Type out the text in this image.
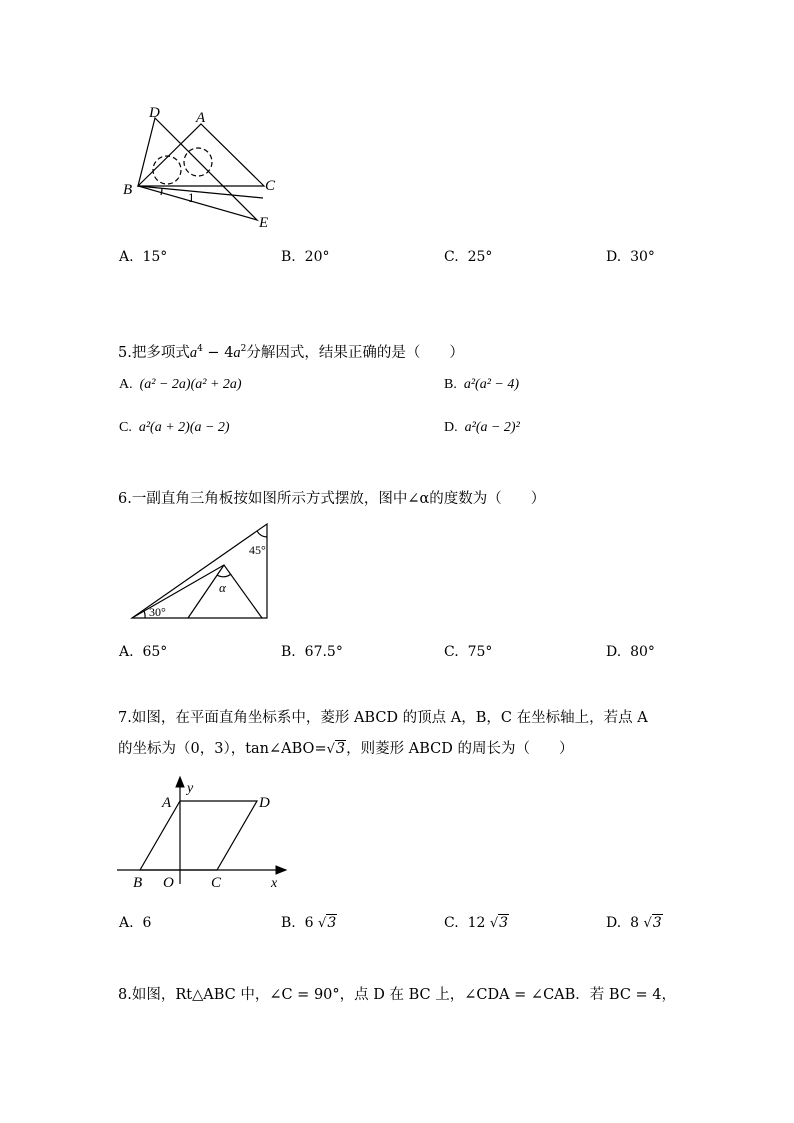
D A
B	C
E
1
A. 15°	B. 20°	C. 25°	D. 30°
5.把多项式$a^4 - 4a^2$分解因式，结果正确的是（　　）
A. (a² − 2a)(a² + 2a)	B. a²(a² − 4)
C. a²(a + 2)(a − 2)	D. a²(a − 2)²
6.一副直角三角板按如图所示方式摆放，图中∠α的度数为（　　）
45°
30°
α
A. 65°	B. 67.5°	C. 75°	D. 80°
7.如图，在平面直角坐标系中，菱形 ABCD 的顶点 A，B，C 在坐标轴上，若点 A
的坐标为（0，3），tan∠ABO=√3，则菱形 ABCD 的周长为（　　）
y
A	D
B O C	x
A. 6	B. 6 √3	C. 12 √3	D. 8 √3
8.如图，Rt△ABC 中，∠C = 90°，点 D 在 BC 上，∠CDA = ∠CAB．若 BC = 4，
